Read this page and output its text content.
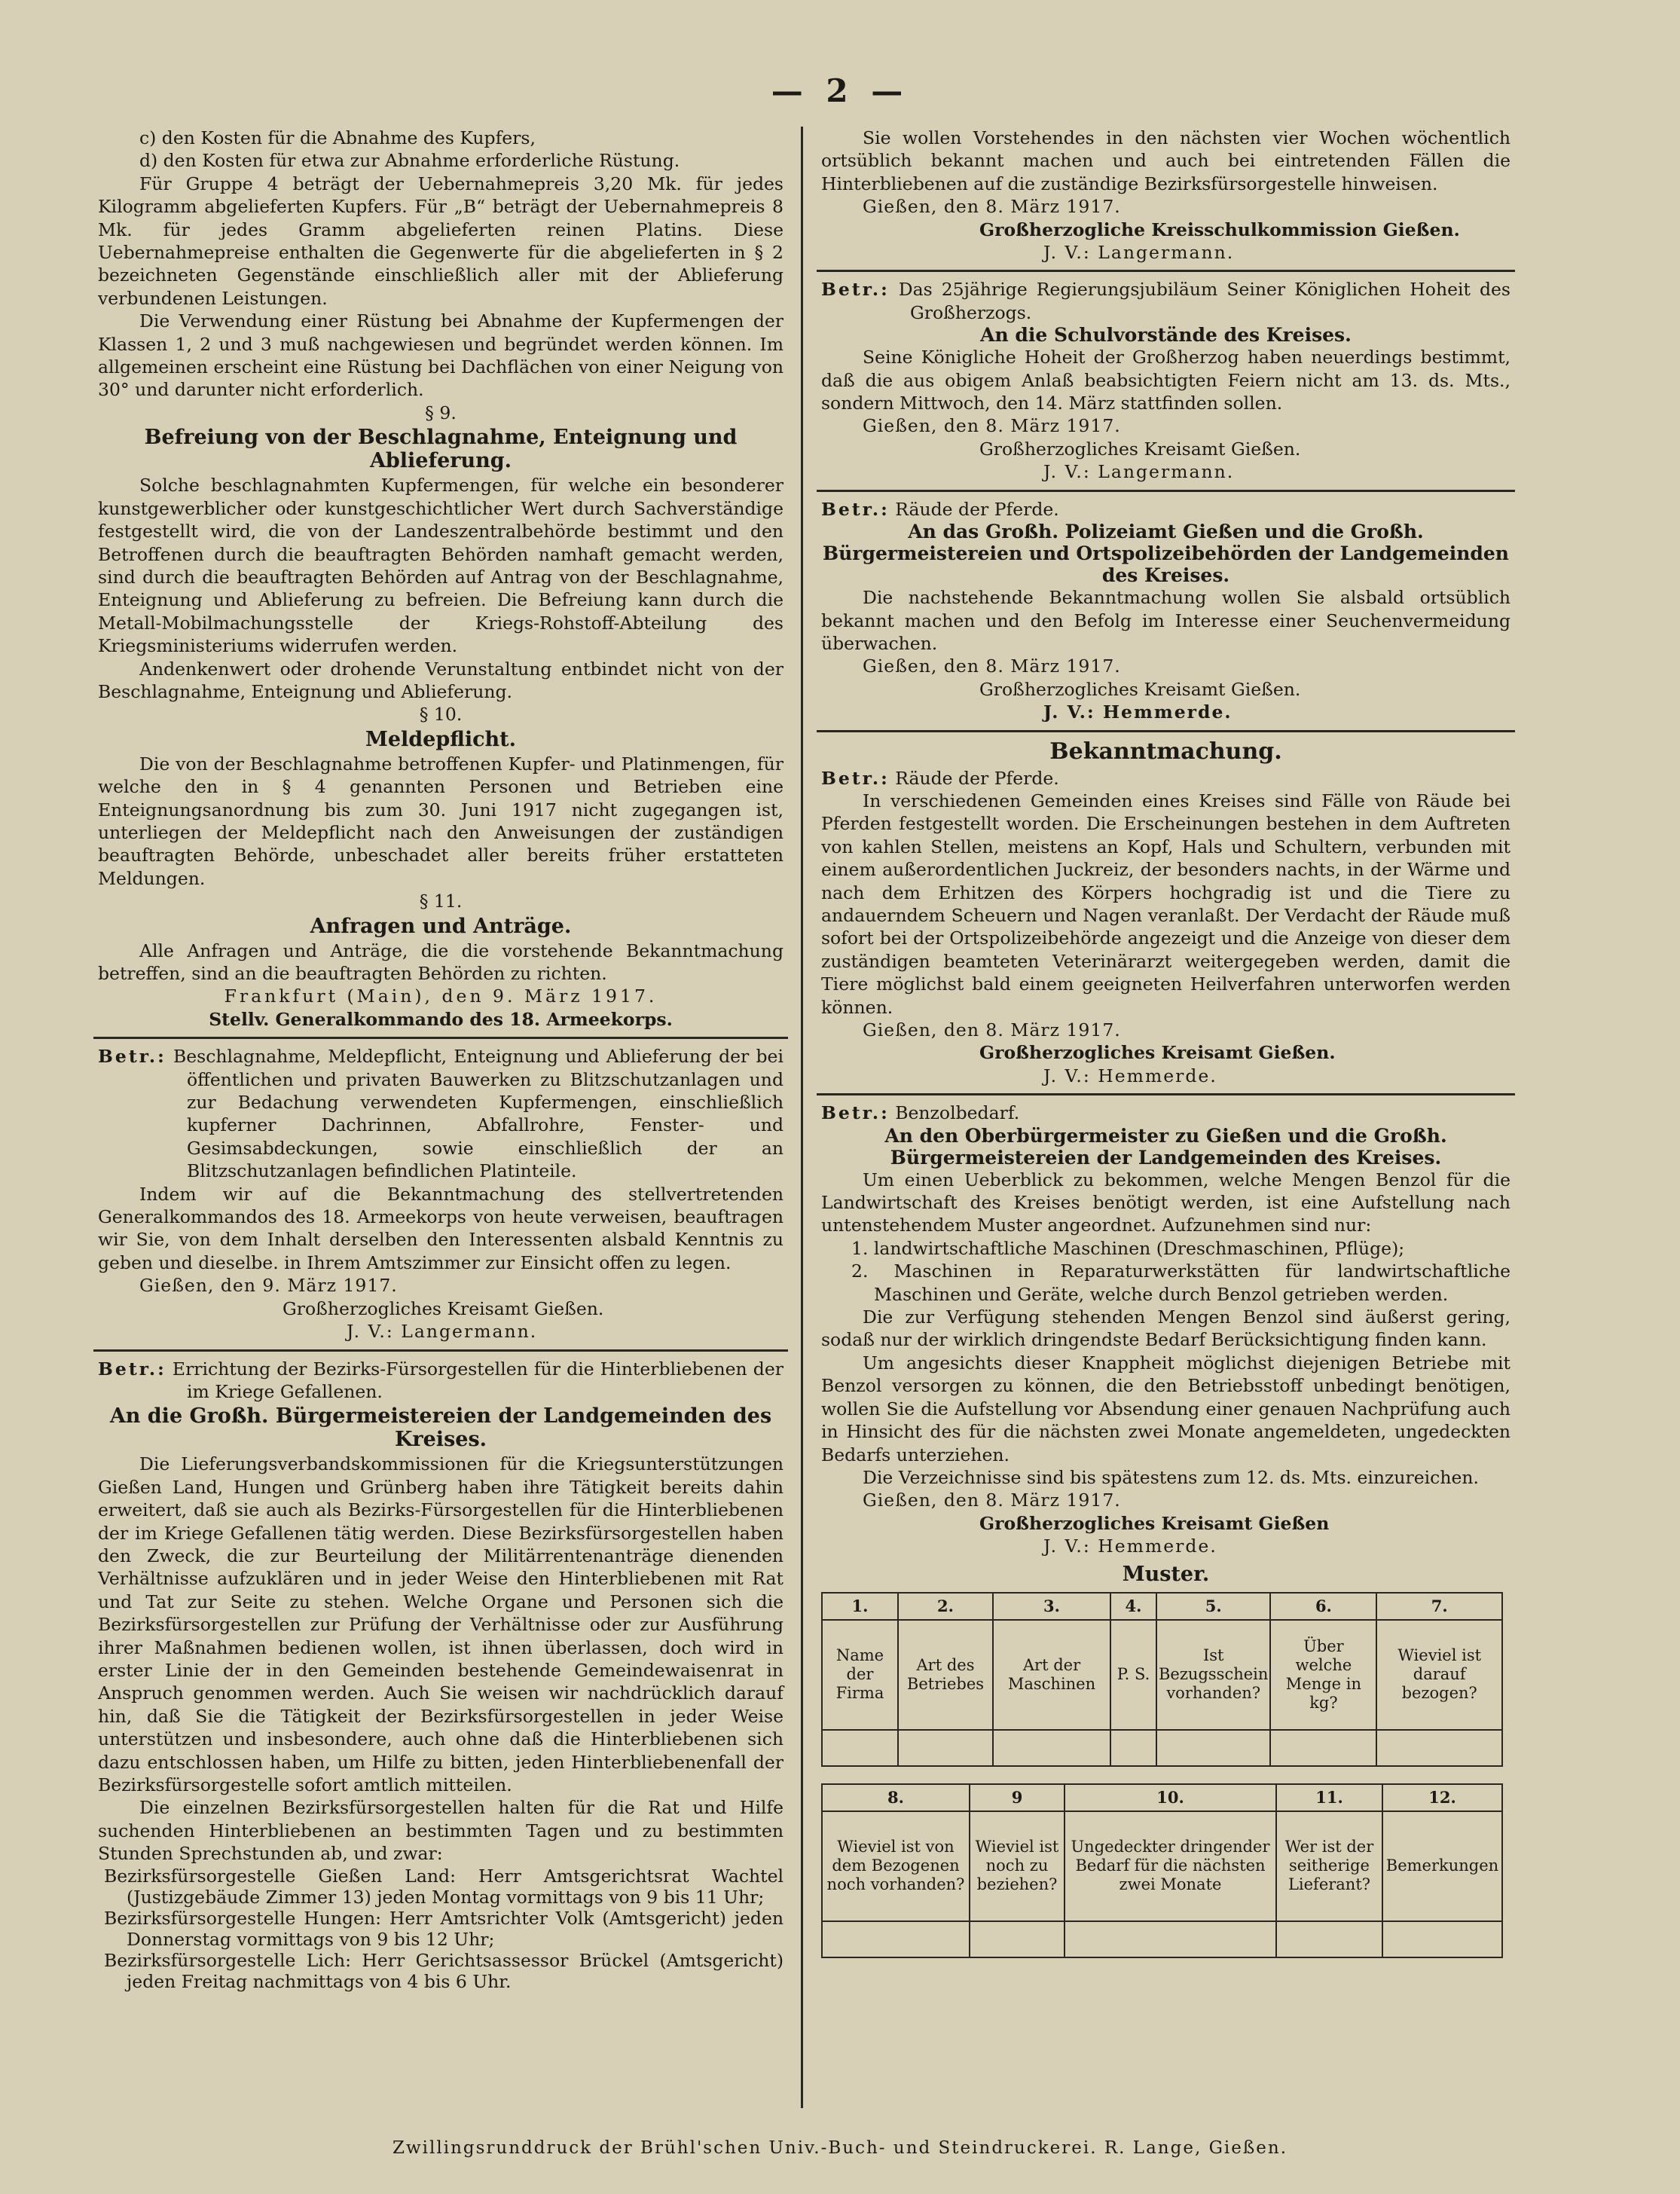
— 2 —

c) den Kosten für die Abnahme des Kupfers,

d) den Kosten für etwa zur Abnahme erforderliche Rüstung.

Für Gruppe 4 beträgt der Uebernahmepreis 3,20 Mk. für jedes Kilogramm abgelieferten Kupfers. Für „B“ beträgt der Uebernahmepreis 8 Mk. für jedes Gramm abgelieferten reinen Platins. Diese Uebernahmepreise enthalten die Gegenwerte für die abgelieferten in § 2 bezeichneten Gegenstände einschließlich aller mit der Ablieferung verbundenen Leistungen.

Die Verwendung einer Rüstung bei Abnahme der Kupfermengen der Klassen 1, 2 und 3 muß nachgewiesen und begründet werden können. Im allgemeinen erscheint eine Rüstung bei Dachflächen von einer Neigung von 30° und darunter nicht erforderlich.

§ 9.
Befreiung von der Beschlagnahme, Enteignung und Ablieferung.

Solche beschlagnahmten Kupfermengen, für welche ein besonderer kunstgewerblicher oder kunstgeschichtlicher Wert durch Sachverständige festgestellt wird, die von der Landeszentralbehörde bestimmt und den Betroffenen durch die beauftragten Behörden namhaft gemacht werden, sind durch die beauftragten Behörden auf Antrag von der Beschlagnahme, Enteignung und Ablieferung zu befreien. Die Befreiung kann durch die Metall-Mobilmachungsstelle der Kriegs-Rohstoff-Abteilung des Kriegsministeriums widerrufen werden.

Andenkenwert oder drohende Verunstaltung entbindet nicht von der Beschlagnahme, Enteignung und Ablieferung.

§ 10.
Meldepflicht.

Die von der Beschlagnahme betroffenen Kupfer- und Platinmengen, für welche den in § 4 genannten Personen und Betrieben eine Enteignungsanordnung bis zum 30. Juni 1917 nicht zugegangen ist, unterliegen der Meldepflicht nach den Anweisungen der zuständigen beauftragten Behörde, unbeschadet aller bereits früher erstatteten Meldungen.

§ 11.
Anfragen und Anträge.

Alle Anfragen und Anträge, die die vorstehende Bekanntmachung betreffen, sind an die beauftragten Behörden zu richten.

Frankfurt (Main), den 9. März 1917.
Stellv. Generalkommando des 18. Armeekorps.

Betr.: Beschlagnahme, Meldepflicht, Enteignung und Ablieferung der bei öffentlichen und privaten Bauwerken zu Blitzschutzanlagen und zur Bedachung verwendeten Kupfermengen, einschließlich kupferner Dachrinnen, Abfallrohre, Fenster- und Gesimsabdeckungen, sowie einschließlich der an Blitzschutzanlagen befindlichen Platinteile.

Indem wir auf die Bekanntmachung des stellvertretenden Generalkommandos des 18. Armeekorps von heute verweisen, beauftragen wir Sie, von dem Inhalt derselben den Interessenten alsbald Kenntnis zu geben und dieselbe. in Ihrem Amtszimmer zur Einsicht offen zu legen.

Gießen, den 9. März 1917.
Großherzogliches Kreisamt Gießen.
J. V.: Langermann.

Betr.: Errichtung der Bezirks-Fürsorgestellen für die Hinterbliebenen der im Kriege Gefallenen.

An die Großh. Bürgermeistereien der Landgemeinden des Kreises.

Die Lieferungsverbandskommissionen für die Kriegsunterstützungen Gießen Land, Hungen und Grünberg haben ihre Tätigkeit bereits dahin erweitert, daß sie auch als Bezirks-Fürsorgestellen für die Hinterbliebenen der im Kriege Gefallenen tätig werden. Diese Bezirksfürsorgestellen haben den Zweck, die zur Beurteilung der Militärrentenanträge dienenden Verhältnisse aufzuklären und in jeder Weise den Hinterbliebenen mit Rat und Tat zur Seite zu stehen. Welche Organe und Personen sich die Bezirksfürsorgestellen zur Prüfung der Verhältnisse oder zur Ausführung ihrer Maßnahmen bedienen wollen, ist ihnen überlassen, doch wird in erster Linie der in den Gemeinden bestehende Gemeindewaisenrat in Anspruch genommen werden. Auch Sie weisen wir nachdrücklich darauf hin, daß Sie die Tätigkeit der Bezirksfürsorgestellen in jeder Weise unterstützen und insbesondere, auch ohne daß die Hinterbliebenen sich dazu entschlossen haben, um Hilfe zu bitten, jeden Hinterbliebenenfall der Bezirksfürsorgestelle sofort amtlich mitteilen.

Die einzelnen Bezirksfürsorgestellen halten für die Rat und Hilfe suchenden Hinterbliebenen an bestimmten Tagen und zu bestimmten Stunden Sprechstunden ab, und zwar:

Bezirksfürsorgestelle Gießen Land: Herr Amtsgerichtsrat Wachtel (Justizgebäude Zimmer 13) jeden Montag vormittags von 9 bis 11 Uhr;

Bezirksfürsorgestelle Hungen: Herr Amtsrichter Volk (Amtsgericht) jeden Donnerstag vormittags von 9 bis 12 Uhr;

Bezirksfürsorgestelle Lich: Herr Gerichtsassessor Brückel (Amtsgericht) jeden Freitag nachmittags von 4 bis 6 Uhr.

Sie wollen Vorstehendes in den nächsten vier Wochen wöchentlich ortsüblich bekannt machen und auch bei eintretenden Fällen die Hinterbliebenen auf die zuständige Bezirksfürsorgestelle hinweisen.

Gießen, den 8. März 1917.
Großherzogliche Kreisschulkommission Gießen.
J. V.: Langermann.

Betr.: Das 25jährige Regierungsjubiläum Seiner Königlichen Hoheit des Großherzogs.

An die Schulvorstände des Kreises.

Seine Königliche Hoheit der Großherzog haben neuerdings bestimmt, daß die aus obigem Anlaß beabsichtigten Feiern nicht am 13. ds. Mts., sondern Mittwoch, den 14. März stattfinden sollen.

Gießen, den 8. März 1917.
Großherzogliches Kreisamt Gießen.
J. V.: Langermann.

Betr.: Räude der Pferde.

An das Großh. Polizeiamt Gießen und die Großh. Bürgermeistereien und Ortspolizeibehörden der Landgemeinden des Kreises.

Die nachstehende Bekanntmachung wollen Sie alsbald ortsüblich bekannt machen und den Befolg im Interesse einer Seuchenvermeidung überwachen.

Gießen, den 8. März 1917.
Großherzogliches Kreisamt Gießen.
J. V.: Hemmerde.
Bekanntmachung.

Betr.: Räude der Pferde.

In verschiedenen Gemeinden eines Kreises sind Fälle von Räude bei Pferden festgestellt worden. Die Erscheinungen bestehen in dem Auftreten von kahlen Stellen, meistens an Kopf, Hals und Schultern, verbunden mit einem außerordentlichen Juckreiz, der besonders nachts, in der Wärme und nach dem Erhitzen des Körpers hochgradig ist und die Tiere zu andauerndem Scheuern und Nagen veranlaßt. Der Verdacht der Räude muß sofort bei der Ortspolizeibehörde angezeigt und die Anzeige von dieser dem zuständigen beamteten Veterinärarzt weitergegeben werden, damit die Tiere möglichst bald einem geeigneten Heilverfahren unterworfen werden können.

Gießen, den 8. März 1917.
Großherzogliches Kreisamt Gießen.
J. V.: Hemmerde.

Betr.: Benzolbedarf.

An den Oberbürgermeister zu Gießen und die Großh. Bürgermeistereien der Landgemeinden des Kreises.

Um einen Ueberblick zu bekommen, welche Mengen Benzol für die Landwirtschaft des Kreises benötigt werden, ist eine Aufstellung nach untenstehendem Muster angeordnet. Aufzunehmen sind nur:

1. landwirtschaftliche Maschinen (Dreschmaschinen, Pflüge);

2. Maschinen in Reparaturwerkstätten für landwirtschaftliche Maschinen und Geräte, welche durch Benzol getrieben werden.

Die zur Verfügung stehenden Mengen Benzol sind äußerst gering, sodaß nur der wirklich dringendste Bedarf Berücksichtigung finden kann.

Um angesichts dieser Knappheit möglichst diejenigen Betriebe mit Benzol versorgen zu können, die den Betriebsstoff unbedingt benötigen, wollen Sie die Aufstellung vor Absendung einer genauen Nachprüfung auch in Hinsicht des für die nächsten zwei Monate angemeldeten, ungedeckten Bedarfs unterziehen.

Die Verzeichnisse sind bis spätestens zum 12. ds. Mts. einzureichen.

Gießen, den 8. März 1917.
Großherzogliches Kreisamt Gießen
J. V.: Hemmerde.
Muster.
1.	2.	3.	4.	5.	6.	7.
Name der Firma	Art des Betriebes	Art der Maschinen	P. S.	Ist Bezugsschein vorhanden?	Über welche Menge in kg?	Wieviel ist darauf bezogen?

8.	9	10.	11.	12.
Wieviel ist von dem Bezogenen noch vorhanden?	Wieviel ist noch zu beziehen?	Ungedeckter dringender Bedarf für die nächsten zwei Monate	Wer ist der seitherige Lieferant?	Bemerkungen

Zwillingsrunddruck der Brühl'schen Univ.-Buch- und Steindruckerei. R. Lange, Gießen.
